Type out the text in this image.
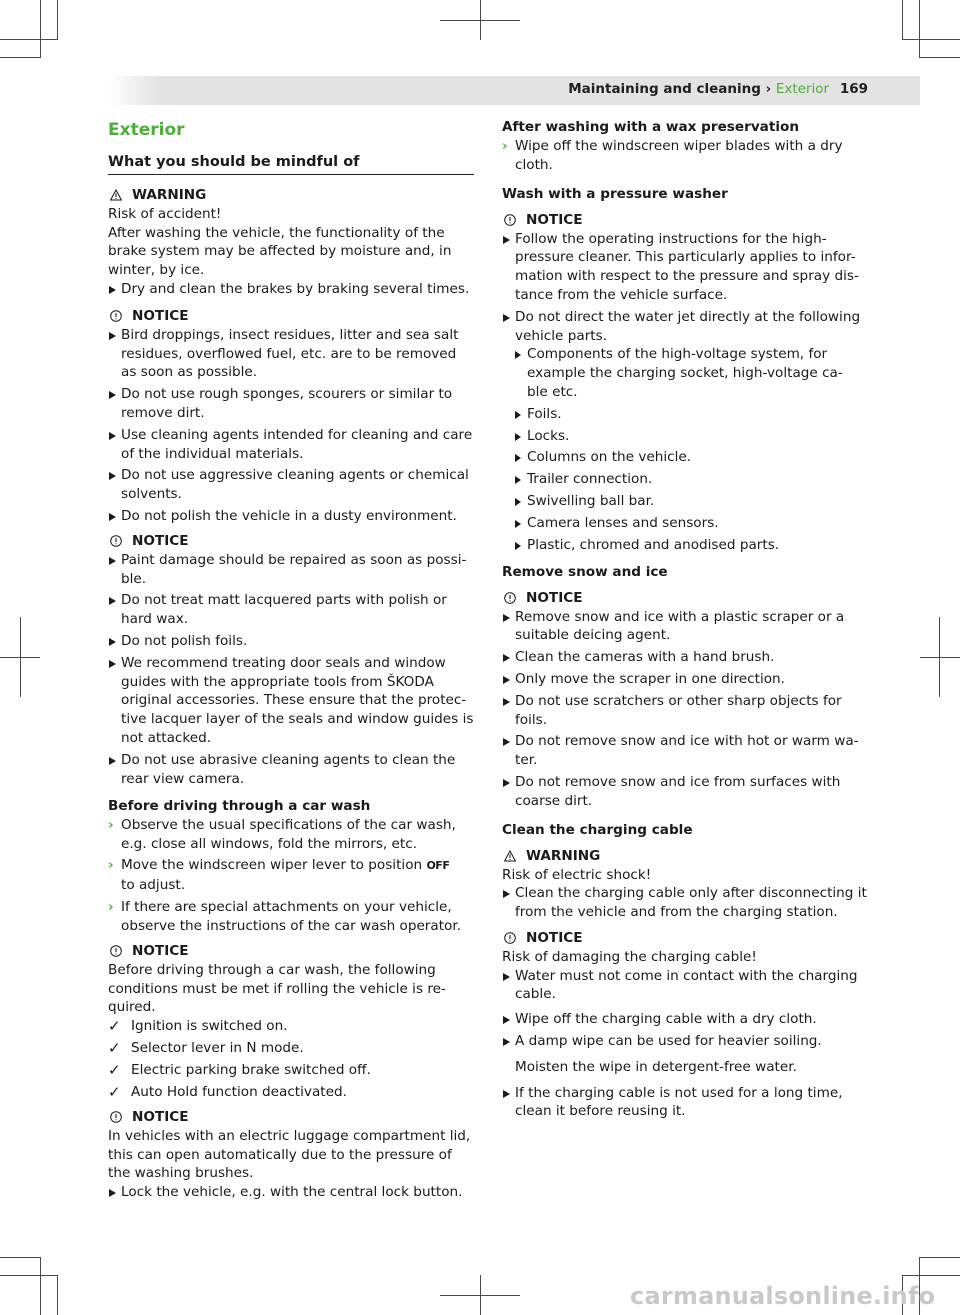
Maintaining and cleaning › Exterior 169
Exterior
What you should be mindful of
WARNING

Risk of accident!

After washing the vehicle, the functionality of the

brake system may be affected by moisture and, in

winter, by ice.

Dry and clean the brakes by braking several times.
NOTICE
Bird droppings, insect residues, litter and sea salt
residues, overflowed fuel, etc. are to be removed
as soon as possible.
Do not use rough sponges, scourers or similar to
remove dirt.
Use cleaning agents intended for cleaning and care
of the individual materials.
Do not use aggressive cleaning agents or chemical
solvents.
Do not polish the vehicle in a dusty environment.
NOTICE
Paint damage should be repaired as soon as possi-
ble.
Do not treat matt lacquered parts with polish or
hard wax.
Do not polish foils.
We recommend treating door seals and window
guides with the appropriate tools from ŠKODA
original accessories. These ensure that the protec-
tive lacquer layer of the seals and window guides is
not attacked.
Do not use abrasive cleaning agents to clean the
rear view camera.
Before driving through a car wash
› Observe the usual specifications of the car wash,
e.g. close all windows, fold the mirrors, etc.
› Move the windscreen wiper lever to position OFF
to adjust.
› If there are special attachments on your vehicle,
observe the instructions of the car wash operator.
NOTICE

Before driving through a car wash, the following

conditions must be met if rolling the vehicle is re-

quired.

✓ Ignition is switched on.
✓ Selector lever in N mode.
✓ Electric parking brake switched off.
✓ Auto Hold function deactivated.
NOTICE

In vehicles with an electric luggage compartment lid,

this can open automatically due to the pressure of

the washing brushes.

Lock the vehicle, e.g. with the central lock button.
After washing with a wax preservation
› Wipe off the windscreen wiper blades with a dry
cloth.
Wash with a pressure washer
NOTICE
Follow the operating instructions for the high-
pressure cleaner. This particularly applies to infor-
mation with respect to the pressure and spray dis-
tance from the vehicle surface.
Do not direct the water jet directly at the following
vehicle parts.
Components of the high-voltage system, for
example the charging socket, high-voltage ca-
ble etc.
Foils.
Locks.
Columns on the vehicle.
Trailer connection.
Swivelling ball bar.
Camera lenses and sensors.
Plastic, chromed and anodised parts.
Remove snow and ice
NOTICE
Remove snow and ice with a plastic scraper or a
suitable deicing agent.
Clean the cameras with a hand brush.
Only move the scraper in one direction.
Do not use scratchers or other sharp objects for
foils.
Do not remove snow and ice with hot or warm wa-
ter.
Do not remove snow and ice from surfaces with
coarse dirt.
Clean the charging cable
WARNING

Risk of electric shock!

Clean the charging cable only after disconnecting it
from the vehicle and from the charging station.
NOTICE

Risk of damaging the charging cable!

Water must not come in contact with the charging
cable.
Wipe off the charging cable with a dry cloth.
A damp wipe can be used for heavier soiling.
Moisten the wipe in detergent-free water.
If the charging cable is not used for a long time,
clean it before reusing it.
carmanualsonline.info
